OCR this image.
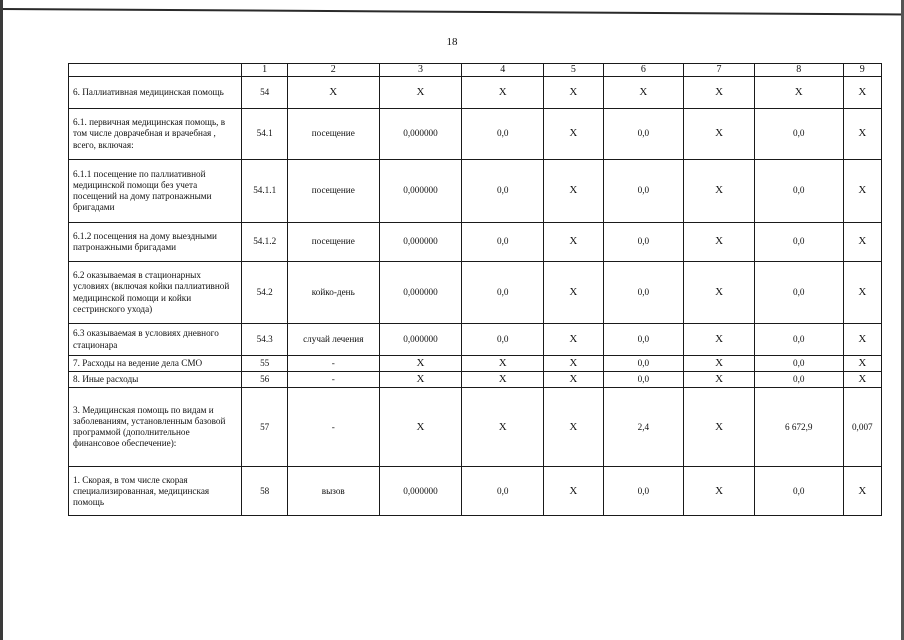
18
	1	2	3	4	5	6	7	8	9
6. Паллиативная медицинская помощь	54	X	X	X	X	X	X	X	X
6.1. первичная медицинская помощь, в том числе доврачебная и врачебная , всего, включая:	54.1	посещение	0,000000	0,0	X	0,0	X	0,0	X
6.1.1 посещение по паллиативной медицинской помощи без учета посещений на дому патронажными бригадами	54.1.1	посещение	0,000000	0,0	X	0,0	X	0,0	X
6.1.2 посещения на дому выездными патронажными бригадами	54.1.2	посещение	0,000000	0,0	X	0,0	X	0,0	X
6.2 оказываемая в стационарных условиях (включая койки паллиативной медицинской помощи и койки сестринского ухода)	54.2	койко-день	0,000000	0,0	X	0,0	X	0,0	X
6.3 оказываемая в условиях дневного стационара	54.3	случай лечения	0,000000	0,0	X	0,0	X	0,0	X
7. Расходы на ведение дела СМО	55	-	X	X	X	0,0	X	0,0	X
8. Иные расходы	56	-	X	X	X	0,0	X	0,0	X
3. Медицинская помощь по видам и заболеваниям, установленным базовой программой (дополнительное финансовое обеспечение):	57	-	X	X	X	2,4	X	6 672,9	0,007
1. Скорая, в том числе скорая специализированная, медицинская помощь	58	вызов	0,000000	0,0	X	0,0	X	0,0	X
